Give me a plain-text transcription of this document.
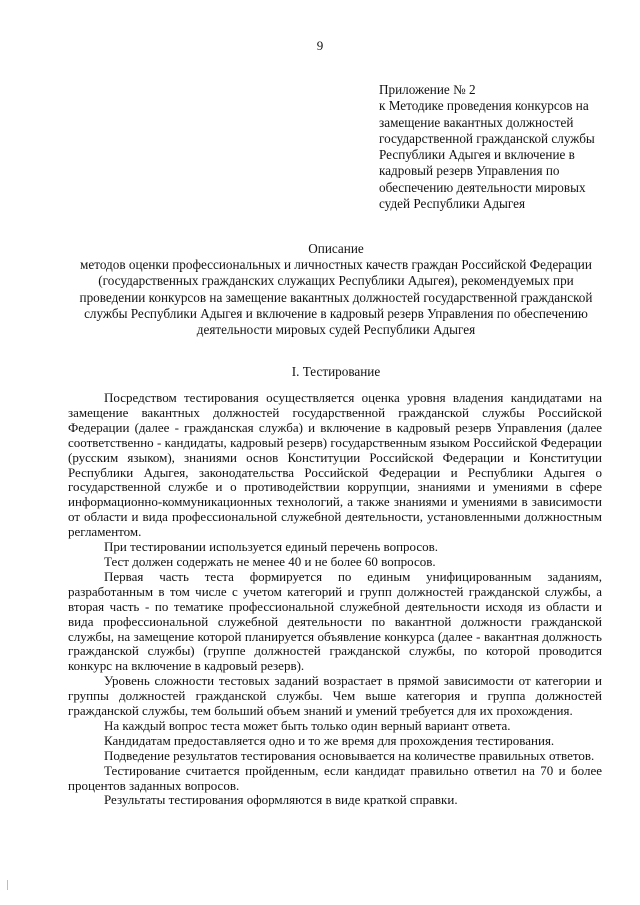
9
Приложение № 2
к Методике проведения конкурсов на
замещение вакантных должностей
государственной гражданской службы
Республики Адыгея и включение в
кадровый резерв Управления по
обеспечению деятельности мировых
судей Республики Адыгея
Описание
методов оценки профессиональных и личностных качеств граждан Российской Федерации
(государственных гражданских служащих Республики Адыгея), рекомендуемых при
проведении конкурсов на замещение вакантных должностей государственной гражданской
службы Республики Адыгея и включение в кадровый резерв Управления по обеспечению
деятельности мировых судей Республики Адыгея
I. Тестирование

Посредством тестирования осуществляется оценка уровня владения кандидатами на замещение вакантных должностей государственной гражданской службы Российской Федерации (далее - гражданская служба) и включение в кадровый резерв Управления (далее соответственно - кандидаты, кадровый резерв) государственным языком Российской Федерации (русским языком), знаниями основ Конституции Российской Федерации и Конституции Республики Адыгея, законодательства Российской Федерации и Республики Адыгея о государственной службе и о противодействии коррупции, знаниями и умениями в сфере информационно-коммуникационных технологий, а также знаниями и умениями в зависимости от области и вида профессиональной служебной деятельности, установленными должностным регламентом.

При тестировании используется единый перечень вопросов.

Тест должен содержать не менее 40 и не более 60 вопросов.

Первая часть теста формируется по единым унифицированным заданиям, разработанным в том числе с учетом категорий и групп должностей гражданской службы, а вторая часть - по тематике профессиональной служебной деятельности исходя из области и вида профессиональной служебной деятельности по вакантной должности гражданской службы, на замещение которой планируется объявление конкурса (далее - вакантная должность гражданской службы) (группе должностей гражданской службы, по которой проводится конкурс на включение в кадровый резерв).

Уровень сложности тестовых заданий возрастает в прямой зависимости от категории и группы должностей гражданской службы. Чем выше категория и группа должностей гражданской службы, тем больший объем знаний и умений требуется для их прохождения.

На каждый вопрос теста может быть только один верный вариант ответа.

Кандидатам предоставляется одно и то же время для прохождения тестирования.

Подведение результатов тестирования основывается на количестве правильных ответов.

Тестирование считается пройденным, если кандидат правильно ответил на 70 и более процентов заданных вопросов.

Результаты тестирования оформляются в виде краткой справки.
